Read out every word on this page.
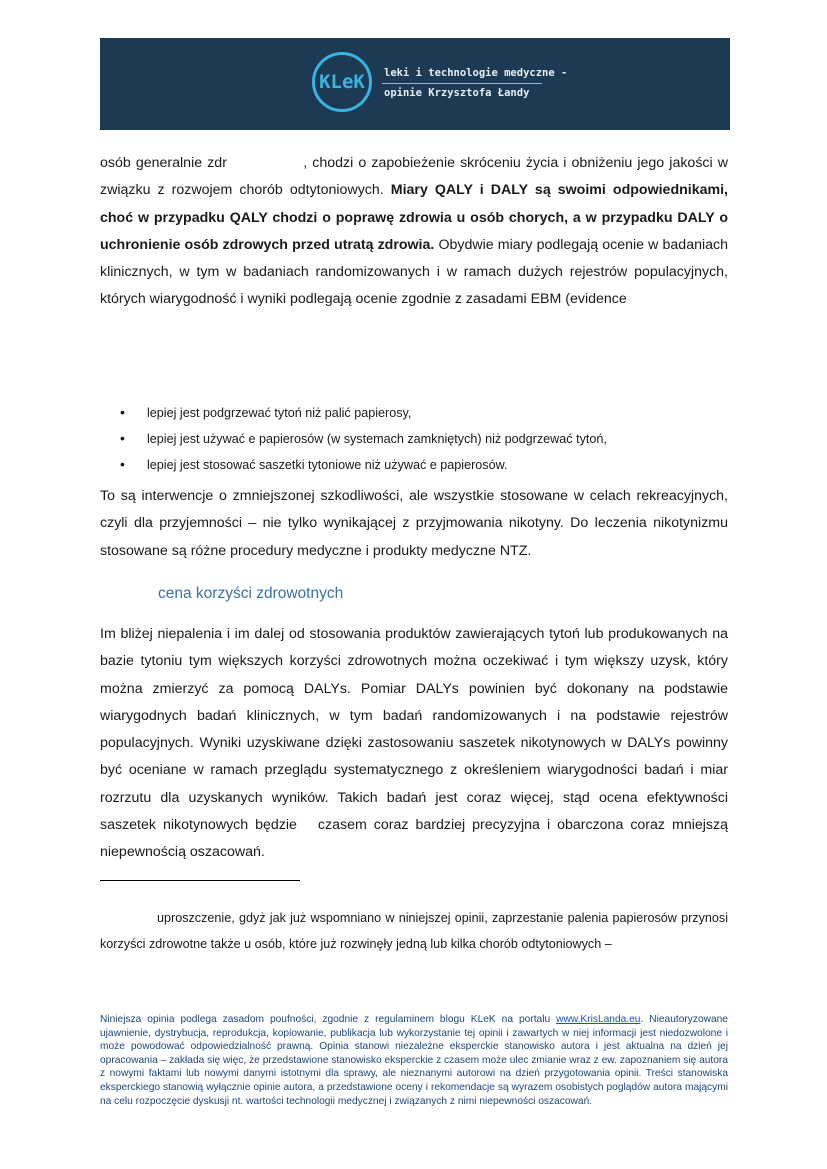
KLeK leki i technologie medyczne -
opinie Krzysztofa Łandy
osób generalnie zdr               , chodzi o zapobieżenie skróceniu życia i obniżeniu jego jakości w związku z rozwojem chorób odtytoniowych. Miary QALY i DALY są swoimi odpowiednikami, choć w przypadku QALY chodzi o poprawę zdrowia u osób chorych, a w przypadku DALY o uchronienie osób zdrowych przed utratą zdrowia. Obydwie miary podlegają ocenie w badaniach klinicznych, w tym w badaniach randomizowanych i w ramach dużych rejestrów populacyjnych, których wiarygodność i wyniki podlegają ocenie zgodnie z zasadami EBM (evidence
•	lepiej jest podgrzewać tytoń niż palić papierosy,
•	lepiej jest używać e papierosów (w systemach zamkniętych) niż podgrzewać tytoń,
•	lepiej jest stosować saszetki tytoniowe niż używać e papierosów.
To są interwencje o zmniejszonej szkodliwości, ale wszystkie stosowane w celach rekreacyjnych, czyli dla przyjemności – nie tylko wynikającej z przyjmowania nikotyny. Do leczenia nikotynizmu stosowane są różne procedury medyczne i produkty medyczne NTZ.
cena korzyści zdrowotnych
Im bliżej niepalenia i im dalej od stosowania produktów zawierających tytoń lub produkowanych na bazie tytoniu tym większych korzyści zdrowotnych można oczekiwać i tym większy uzysk, który można zmierzyć za pomocą DALYs. Pomiar DALYs powinien być dokonany na podstawie wiarygodnych badań klinicznych, w tym badań randomizowanych i na podstawie rejestrów populacyjnych. Wyniki uzyskiwane dzięki zastosowaniu saszetek nikotynowych w DALYs powinny być oceniane w ramach przeglądu systematycznego z określeniem wiarygodności badań i miar rozrzutu dla uzyskanych wyników. Takich badań jest coraz więcej, stąd ocena efektywności saszetek nikotynowych będzie   czasem coraz bardziej precyzyjna i obarczona coraz mniejszą niepewnością oszacowań.
uproszczenie, gdyż jak już wspomniano w niniejszej opinii, zaprzestanie palenia papierosów przynosi korzyści zdrowotne także u osób, które już rozwinęły jedną lub kilka chorób odtytoniowych –
Niniejsza opinia podlega zasadom poufności, zgodnie z regulaminem blogu KLeK na portalu www.KrisLanda.eu. Nieautoryzowane ujawnienie, dystrybucja, reprodukcja, kopiowanie, publikacja lub wykorzystanie tej opinii i zawartych w niej informacji jest niedozwolone i może powodować odpowiedzialność prawną. Opinia stanowi niezależne eksperckie stanowisko autora i jest aktualna na dzień jej opracowania – zakłada się więc, że przedstawione stanowisko eksperckie z czasem może ulec zmianie wraz z ew. zapoznaniem się autora z nowymi faktami lub nowymi danymi istotnymi dla sprawy, ale nieznanymi autorowi na dzień przygotowania opinii. Treści stanowiska eksperckiego stanowią wyłącznie opinie autora, a przedstawione oceny i rekomendacje są wyrazem osobistych poglądów autora mającymi na celu rozpoczęcie dyskusji nt. wartości technologii medycznej i związanych z nimi niepewności oszacowań.
